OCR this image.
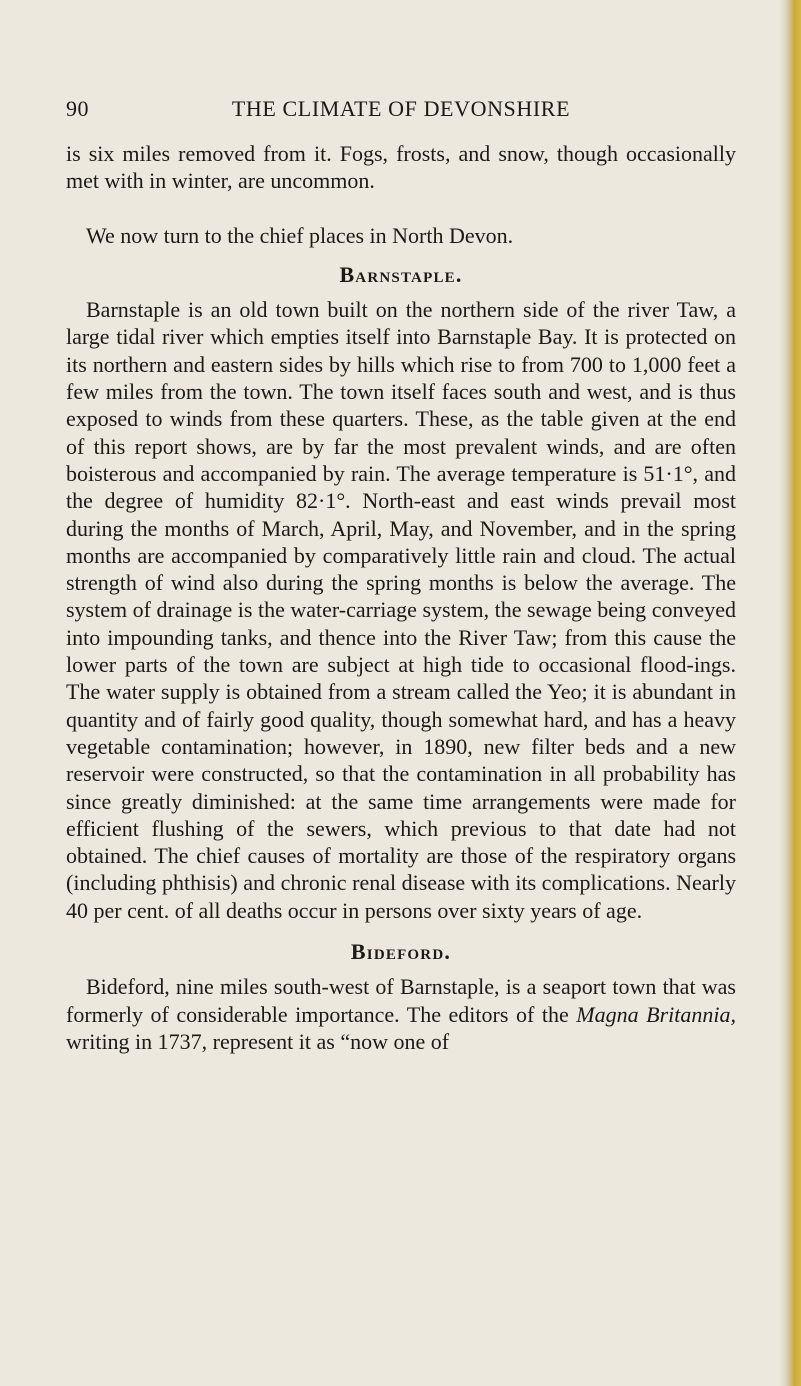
90	THE CLIMATE OF DEVONSHIRE

is six miles removed from it. Fogs, frosts, and snow, though occasionally met with in winter, are uncommon.

We now turn to the chief places in North Devon.

Barnstaple.

Barnstaple is an old town built on the northern side of the river Taw, a large tidal river which empties itself into Barnstaple Bay. It is protected on its northern and eastern sides by hills which rise to from 700 to 1,000 feet a few miles from the town. The town itself faces south and west, and is thus exposed to winds from these quarters. These, as the table given at the end of this report shows, are by far the most prevalent winds, and are often boisterous and accompanied by rain. The average temperature is 51·1°, and the degree of humidity 82·1°. North-east and east winds prevail most during the months of March, April, May, and November, and in the spring months are accompanied by comparatively little rain and cloud. The actual strength of wind also during the spring months is below the average. The system of drainage is the water-carriage system, the sewage being conveyed into impounding tanks, and thence into the River Taw; from this cause the lower parts of the town are subject at high tide to occasional flood-ings. The water supply is obtained from a stream called the Yeo; it is abundant in quantity and of fairly good quality, though somewhat hard, and has a heavy vegetable contamination; however, in 1890, new filter beds and a new reservoir were constructed, so that the contamination in all probability has since greatly diminished: at the same time arrangements were made for efficient flushing of the sewers, which previous to that date had not obtained. The chief causes of mortality are those of the respiratory organs (including phthisis) and chronic renal disease with its complications. Nearly 40 per cent. of all deaths occur in persons over sixty years of age.

Bideford.

Bideford, nine miles south-west of Barnstaple, is a seaport town that was formerly of considerable importance. The editors of the Magna Britannia, writing in 1737, represent it as “now one of
